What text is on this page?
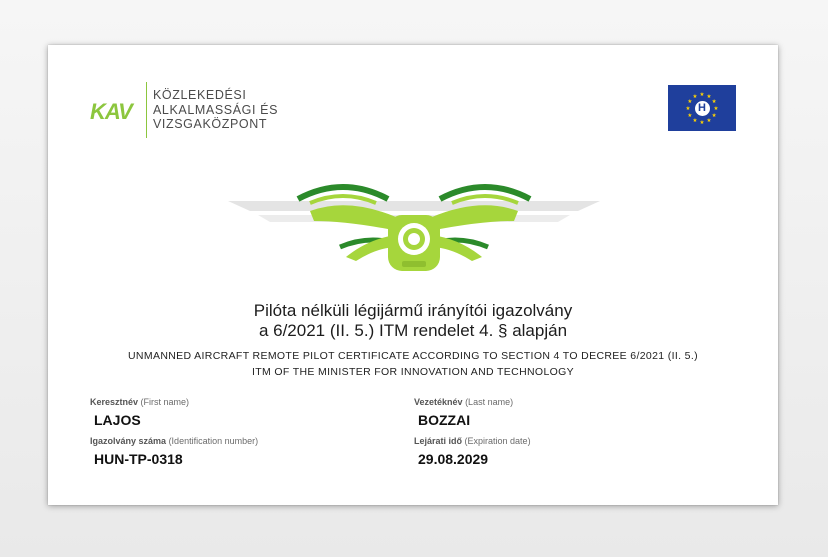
KAV
KÖZLEKEDÉSI
ALKALMASSÁGI ÉS
VIZSGAKÖZPONT
★ ★
★
★
★
★
★
★
★
★
★
★
H
Pilóta nélküli légijármű irányítói igazolvány
a 6/2021 (II. 5.) ITM rendelet 4. § alapján
UNMANNED AIRCRAFT REMOTE PILOT CERTIFICATE ACCORDING TO SECTION 4 TO DECREE 6/2021 (II. 5.)
ITM OF THE MINISTER FOR INNOVATION AND TECHNOLOGY
Keresztnév (First name)
LAJOS
Vezetéknév (Last name)
BOZZAI
Igazolvány száma (Identification number)
HUN-TP-0318
Lejárati idő (Expiration date)
29.08.2029
